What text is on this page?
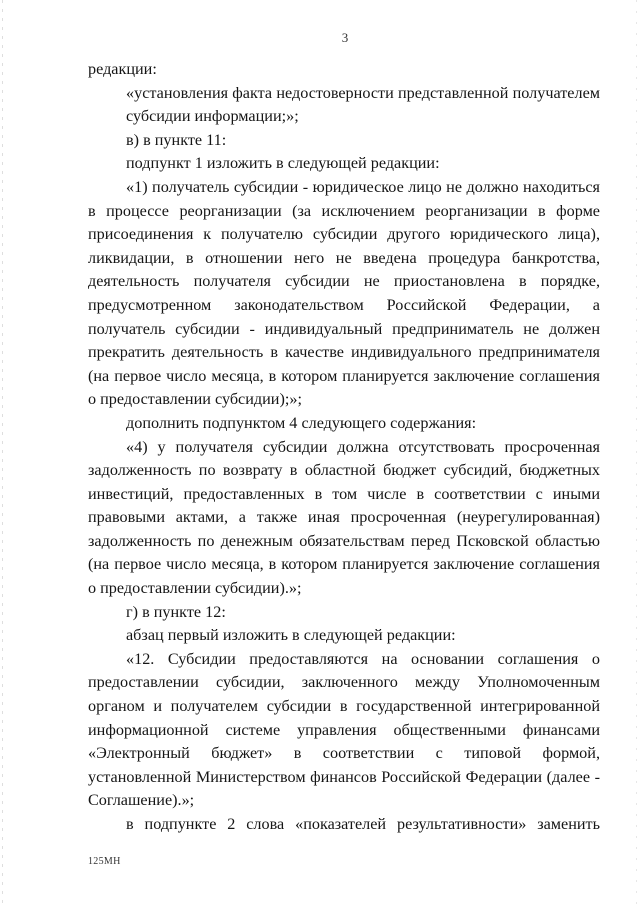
3
редакции:
«установления факта недостоверности представленной получателем
субсидии информации;»;
в) в пункте 11:
подпункт 1 изложить в следующей редакции:
«1) получатель субсидии - юридическое лицо не должно находиться
в процессе реорганизации (за исключением реорганизации в форме
присоединения к получателю субсидии другого юридического лица),
ликвидации, в отношении него не введена процедура банкротства,
деятельность получателя субсидии не приостановлена в порядке,
предусмотренном законодательством Российской Федерации, а
получатель субсидии - индивидуальный предприниматель не должен
прекратить деятельность в качестве индивидуального предпринимателя
(на первое число месяца, в котором планируется заключение соглашения
о предоставлении субсидии);»;
дополнить подпунктом 4 следующего содержания:
«4) у получателя субсидии должна отсутствовать просроченная
задолженность по возврату в областной бюджет субсидий, бюджетных
инвестиций, предоставленных в том числе в соответствии с иными
правовыми актами, а также иная просроченная (неурегулированная)
задолженность по денежным обязательствам перед Псковской областью
(на первое число месяца, в котором планируется заключение соглашения
о предоставлении субсидии).»;
г) в пункте 12:
абзац первый изложить в следующей редакции:
«12. Субсидии предоставляются на основании соглашения о
предоставлении субсидии, заключенного между Уполномоченным
органом и получателем субсидии в государственной интегрированной
информационной системе управления общественными финансами
«Электронный бюджет» в соответствии с типовой формой,
установленной Министерством финансов Российской Федерации (далее -
Соглашение).»;
в подпункте 2 слова «показателей результативности» заменить
125МН
